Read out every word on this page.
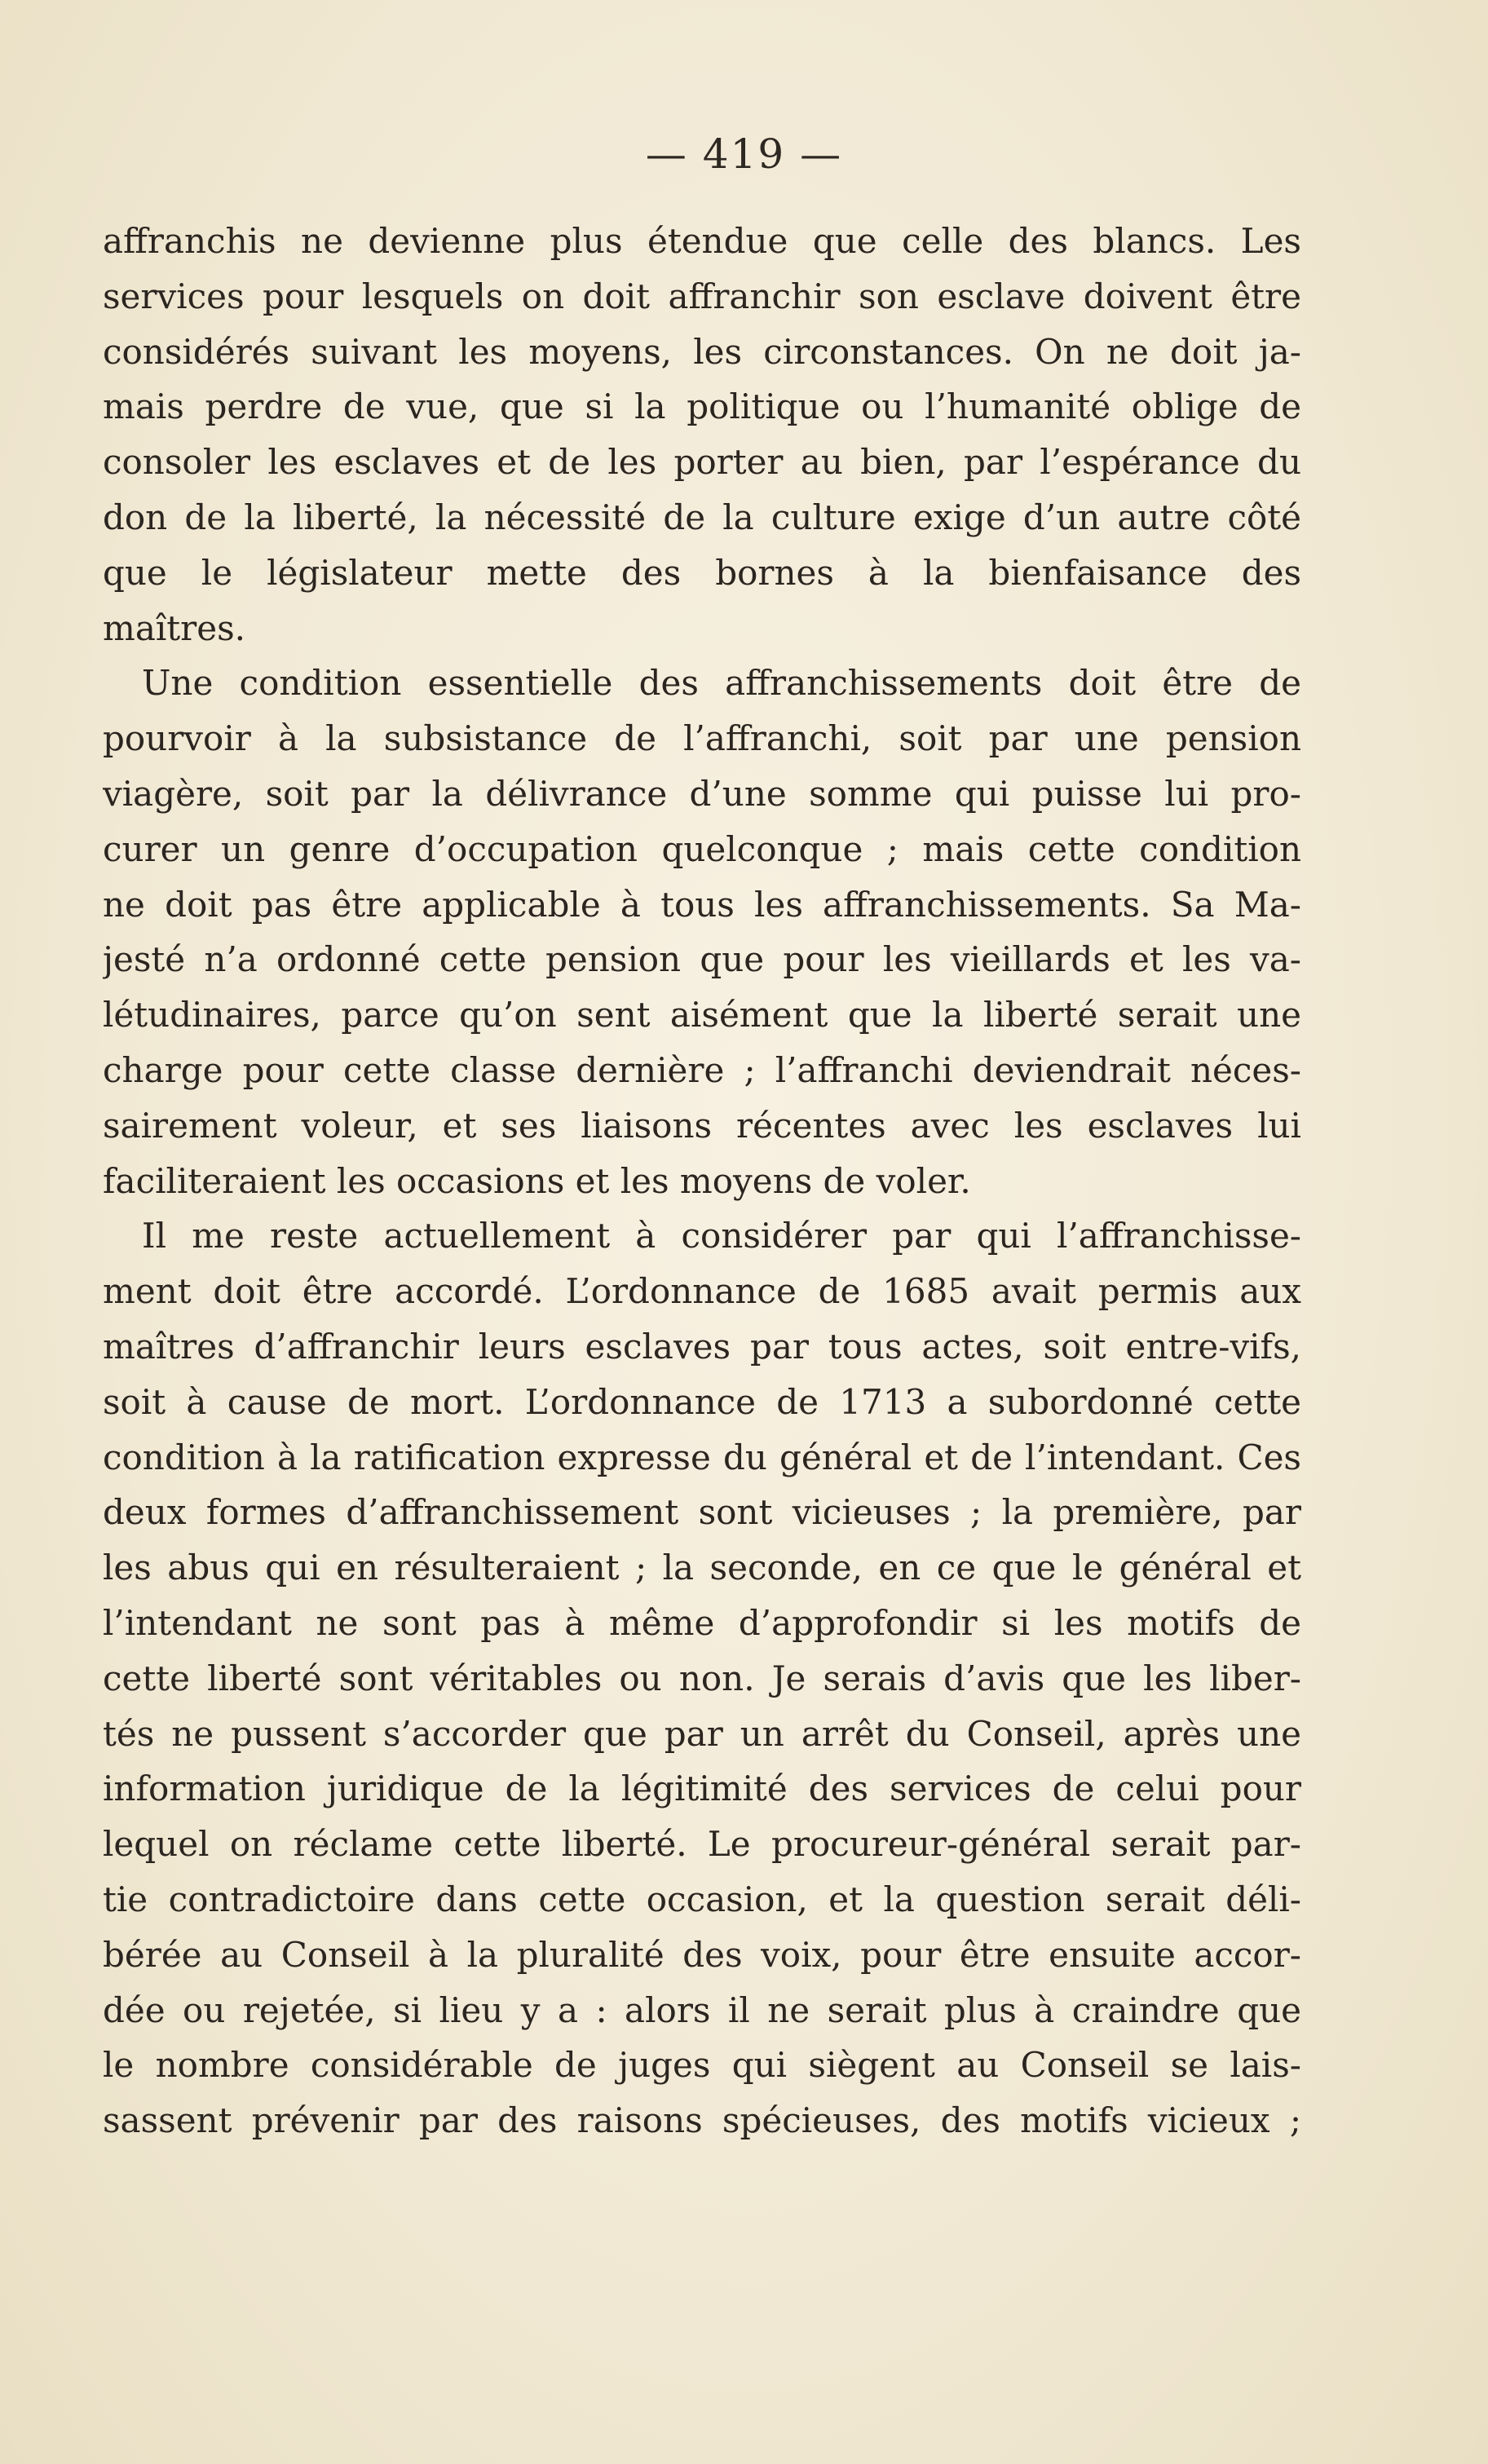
— 419 —
affranchis ne devienne plus étendue que celle des blancs. Les
services pour lesquels on doit affranchir son esclave doivent être
considérés suivant les moyens, les circonstances. On ne doit ja-
mais perdre de vue, que si la politique ou l’humanité oblige de
consoler les esclaves et de les porter au bien, par l’espérance du
don de la liberté, la nécessité de la culture exige d’un autre côté
que le législateur mette des bornes à la bienfaisance des
maîtres.
Une condition essentielle des affranchissements doit être de
pourvoir à la subsistance de l’affranchi, soit par une pension
viagère, soit par la délivrance d’une somme qui puisse lui pro-
curer un genre d’occupation quelconque ; mais cette condition
ne doit pas être applicable à tous les affranchissements. Sa Ma-
jesté n’a ordonné cette pension que pour les vieillards et les va-
létudinaires, parce qu’on sent aisément que la liberté serait une
charge pour cette classe dernière ; l’affranchi deviendrait néces-
sairement voleur, et ses liaisons récentes avec les esclaves lui
faciliteraient les occasions et les moyens de voler.
Il me reste actuellement à considérer par qui l’affranchisse-
ment doit être accordé. L’ordonnance de 1685 avait permis aux
maîtres d’affranchir leurs esclaves par tous actes, soit entre-vifs,
soit à cause de mort. L’ordonnance de 1713 a subordonné cette
condition à la ratification expresse du général et de l’intendant. Ces
deux formes d’affranchissement sont vicieuses ; la première, par
les abus qui en résulteraient ; la seconde, en ce que le général et
l’intendant ne sont pas à même d’approfondir si les motifs de
cette liberté sont véritables ou non. Je serais d’avis que les liber-
tés ne pussent s’accorder que par un arrêt du Conseil, après une
information juridique de la légitimité des services de celui pour
lequel on réclame cette liberté. Le procureur-général serait par-
tie contradictoire dans cette occasion, et la question serait déli-
bérée au Conseil à la pluralité des voix, pour être ensuite accor-
dée ou rejetée, si lieu y a : alors il ne serait plus à craindre que
le nombre considérable de juges qui siègent au Conseil se lais-
sassent prévenir par des raisons spécieuses, des motifs vicieux ;
